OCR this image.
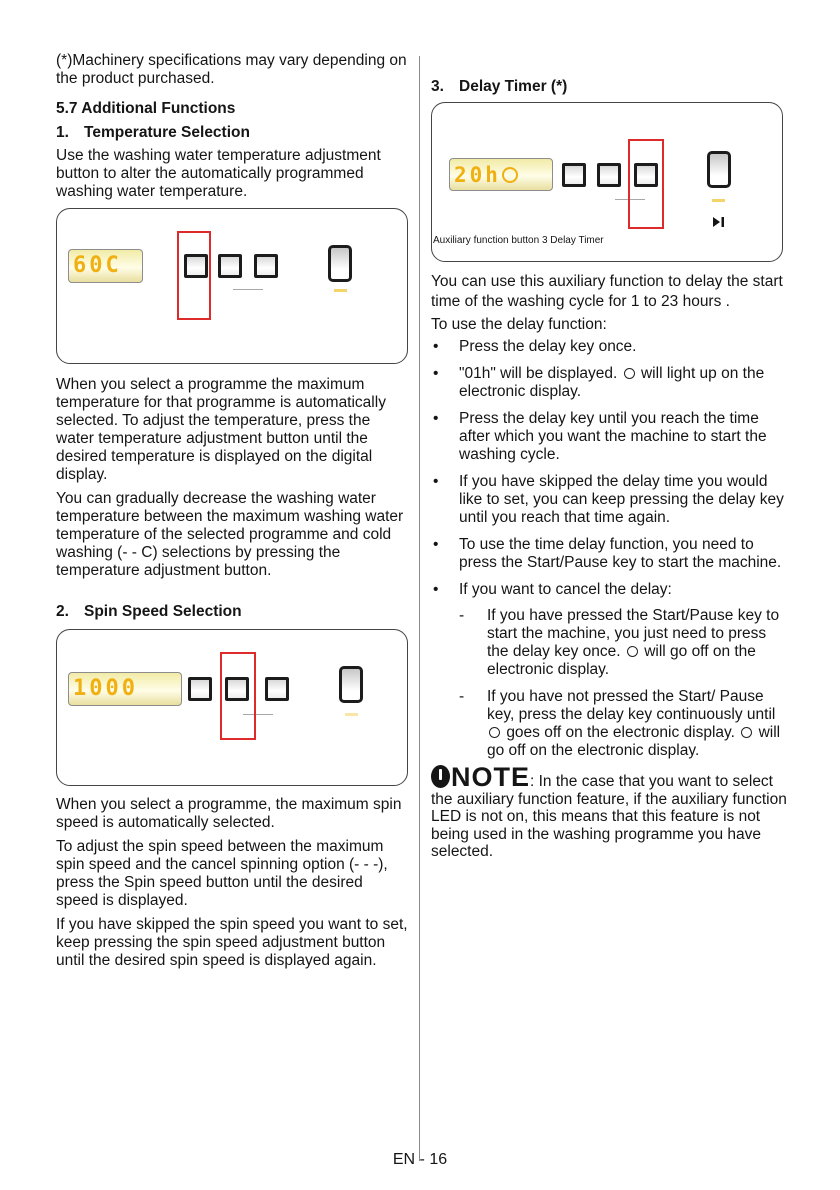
(*)Machinery specifications may vary depending on the product purchased.

5.7 Additional Functions
1. Temperature Selection

Use the washing water temperature adjustment button to alter the automatically programmed washing water temperature.

60C

When you select a programme the maximum temperature for that programme is automatically selected. To adjust the temperature, press the water temperature adjustment button until the desired temperature is displayed on the digital display.

You can gradually decrease the washing water temperature between the maximum washing water temperature of the selected programme and cold washing (- - C) selections by pressing the temperature adjustment button.

2. Spin Speed Selection
1000

When you select a programme, the maximum spin speed is automatically selected.

To adjust the spin speed between the maximum spin speed and the cancel spinning option (- - -), press the Spin speed button until the desired speed is displayed.

If you have skipped the spin speed you want to set, keep pressing the spin speed adjustment button until the desired spin speed is displayed again.

3. Delay Timer (*)
20h
Auxiliary function button 3 Delay Timer

You can use this auxiliary function to delay the start time of the washing cycle for 1 to 23 hours .

To use the delay function:

• Press the delay key once.
• "01h" will be displayed. will light up on the electronic display.
• Press the delay key until you reach the time after which you want the machine to start the washing cycle.
• If you have skipped the delay time you would like to set, you can keep pressing the delay key until you reach that time again.
• To use the time delay function, you need to press the Start/Pause key to start the machine.
• If you want to cancel the delay:
- If you have pressed the Start/Pause key to start the machine, you just need to press the delay key once. will go off on the electronic display.
- If you have not pressed the Start/ Pause key, press the delay key continuously until  goes off on the electronic display. will go off on the electronic display.

NOTE: In the case that you want to select the auxiliary function feature, if the auxiliary function LED is not on, this means that this feature is not being used in the washing programme you have selected.

EN - 16
